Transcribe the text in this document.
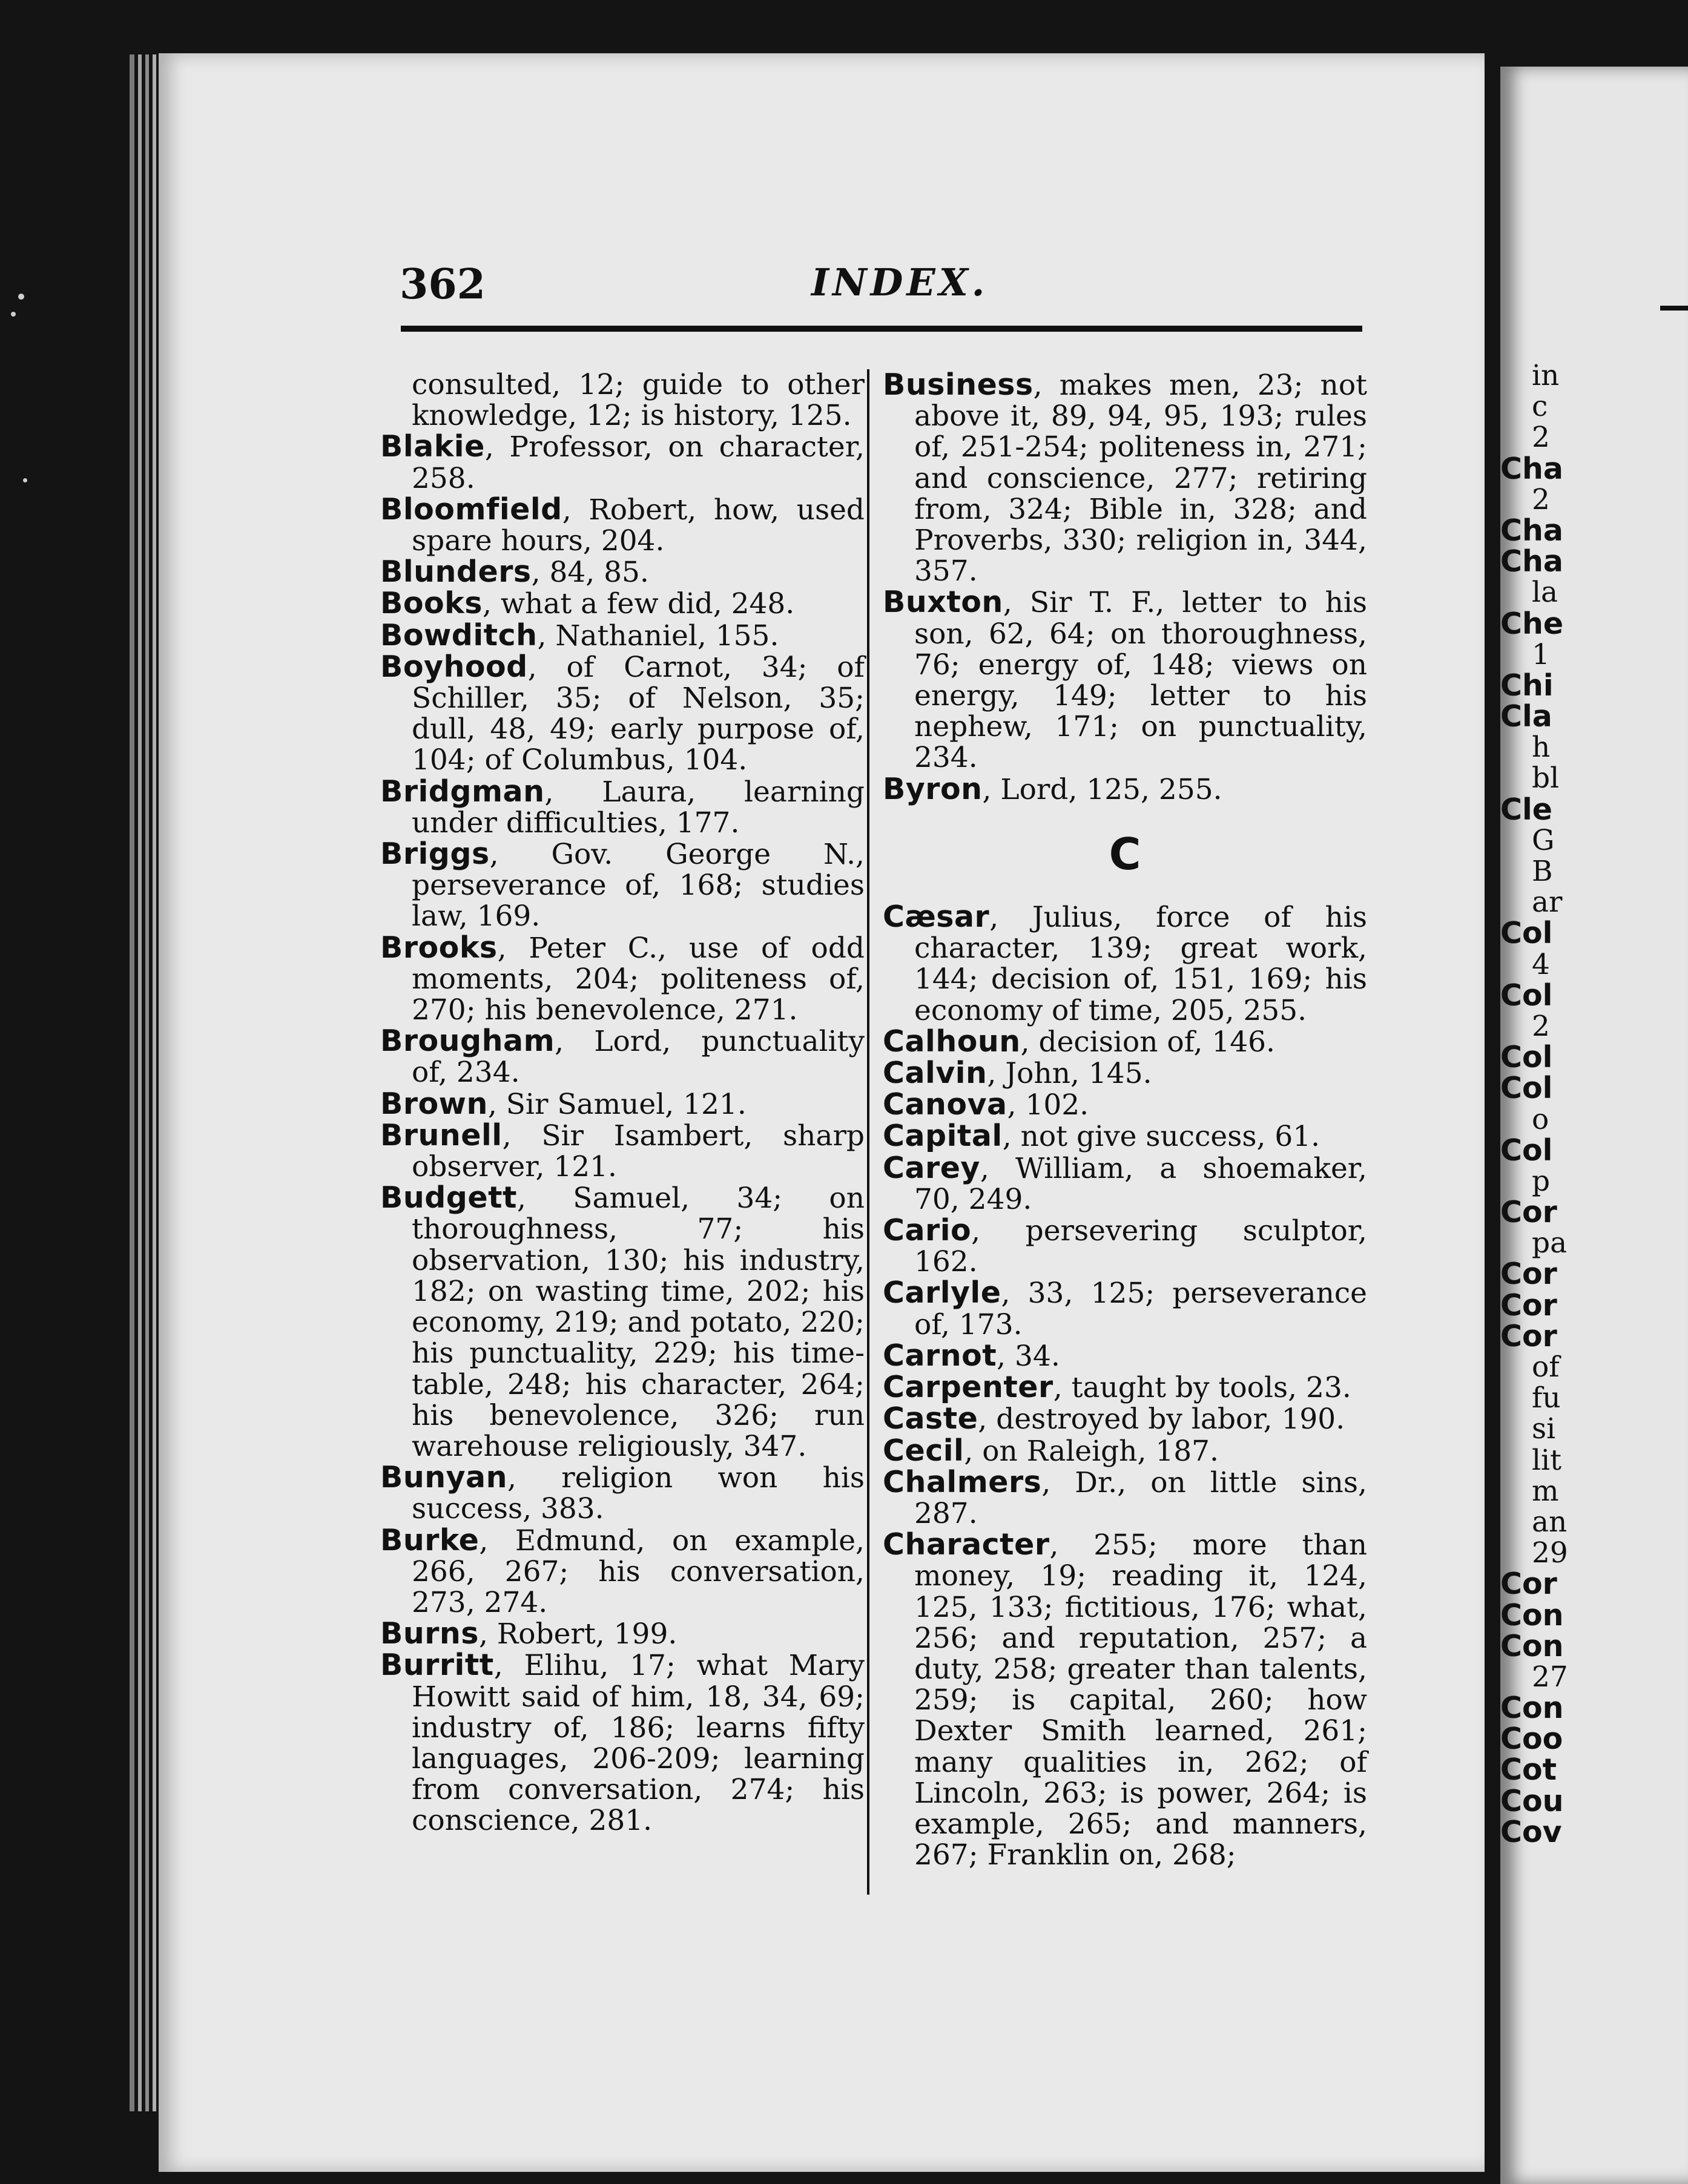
362	INDEX.
consulted, 12; guide to other knowledge, 12; is history, 125.
Blakie, Professor, on character, 258.
Bloomfield, Robert, how, used spare hours, 204.
Blunders, 84, 85.
Books, what a few did, 248.
Bowditch, Nathaniel, 155.
Boyhood, of Carnot, 34; of Schiller, 35; of Nelson, 35; dull, 48, 49; early purpose of, 104; of Columbus, 104.
Bridgman, Laura, learning under difficulties, 177.
Briggs, Gov. George N., perseverance of, 168; studies law, 169.
Brooks, Peter C., use of odd moments, 204; politeness of, 270; his benevolence, 271.
Brougham, Lord, punctuality of, 234.
Brown, Sir Samuel, 121.
Brunell, Sir Isambert, sharp observer, 121.
Budgett, Samuel, 34; on thoroughness, 77; his observation, 130; his industry, 182; on wasting time, 202; his economy, 219; and potato, 220; his punctuality, 229; his time-table, 248; his character, 264; his benevolence, 326; run warehouse religiously, 347.
Bunyan, religion won his success, 383.
Burke, Edmund, on example, 266, 267; his conversation, 273, 274.
Burns, Robert, 199.
Burritt, Elihu, 17; what Mary Howitt said of him, 18, 34, 69; industry of, 186; learns fifty languages, 206-209; learning from conversation, 274; his conscience, 281.
Business, makes men, 23; not above it, 89, 94, 95, 193; rules of, 251-254; politeness in, 271; and conscience, 277; retiring from, 324; Bible in, 328; and Proverbs, 330; religion in, 344, 357.
Buxton, Sir T. F., letter to his son, 62, 64; on thoroughness, 76; energy of, 148; views on energy, 149; letter to his nephew, 171; on punctuality, 234.
Byron, Lord, 125, 255.
C
Cæsar, Julius, force of his character, 139; great work, 144; decision of, 151, 169; his economy of time, 205, 255.
Calhoun, decision of, 146.
Calvin, John, 145.
Canova, 102.
Capital, not give success, 61.
Carey, William, a shoemaker, 70, 249.
Cario, persevering sculptor, 162.
Carlyle, 33, 125; perseverance of, 173.
Carnot, 34.
Carpenter, taught by tools, 23.
Caste, destroyed by labor, 190.
Cecil, on Raleigh, 187.
Chalmers, Dr., on little sins, 287.
Character, 255; more than money, 19; reading it, 124, 125, 133; fictitious, 176; what, 256; and reputation, 257; a duty, 258; greater than talents, 259; is capital, 260; how Dexter Smith learned, 261; many qualities in, 262; of Lincoln, 263; is power, 264; is example, 265; and manners, 267; Franklin on, 268;
in
c
2
Cha
2
Cha
Cha
la
Che
1
Chi
Cla
h
bl
Cle
G
B
ar
Col
4
Col
2
Col
Col
o
Col
p
Cor
pa
Cor
Cor
Cor
of
fu
si
lit
m
an
29
Cor
Con
Con
27
Con
Coo
Cot
Cou
Cov
